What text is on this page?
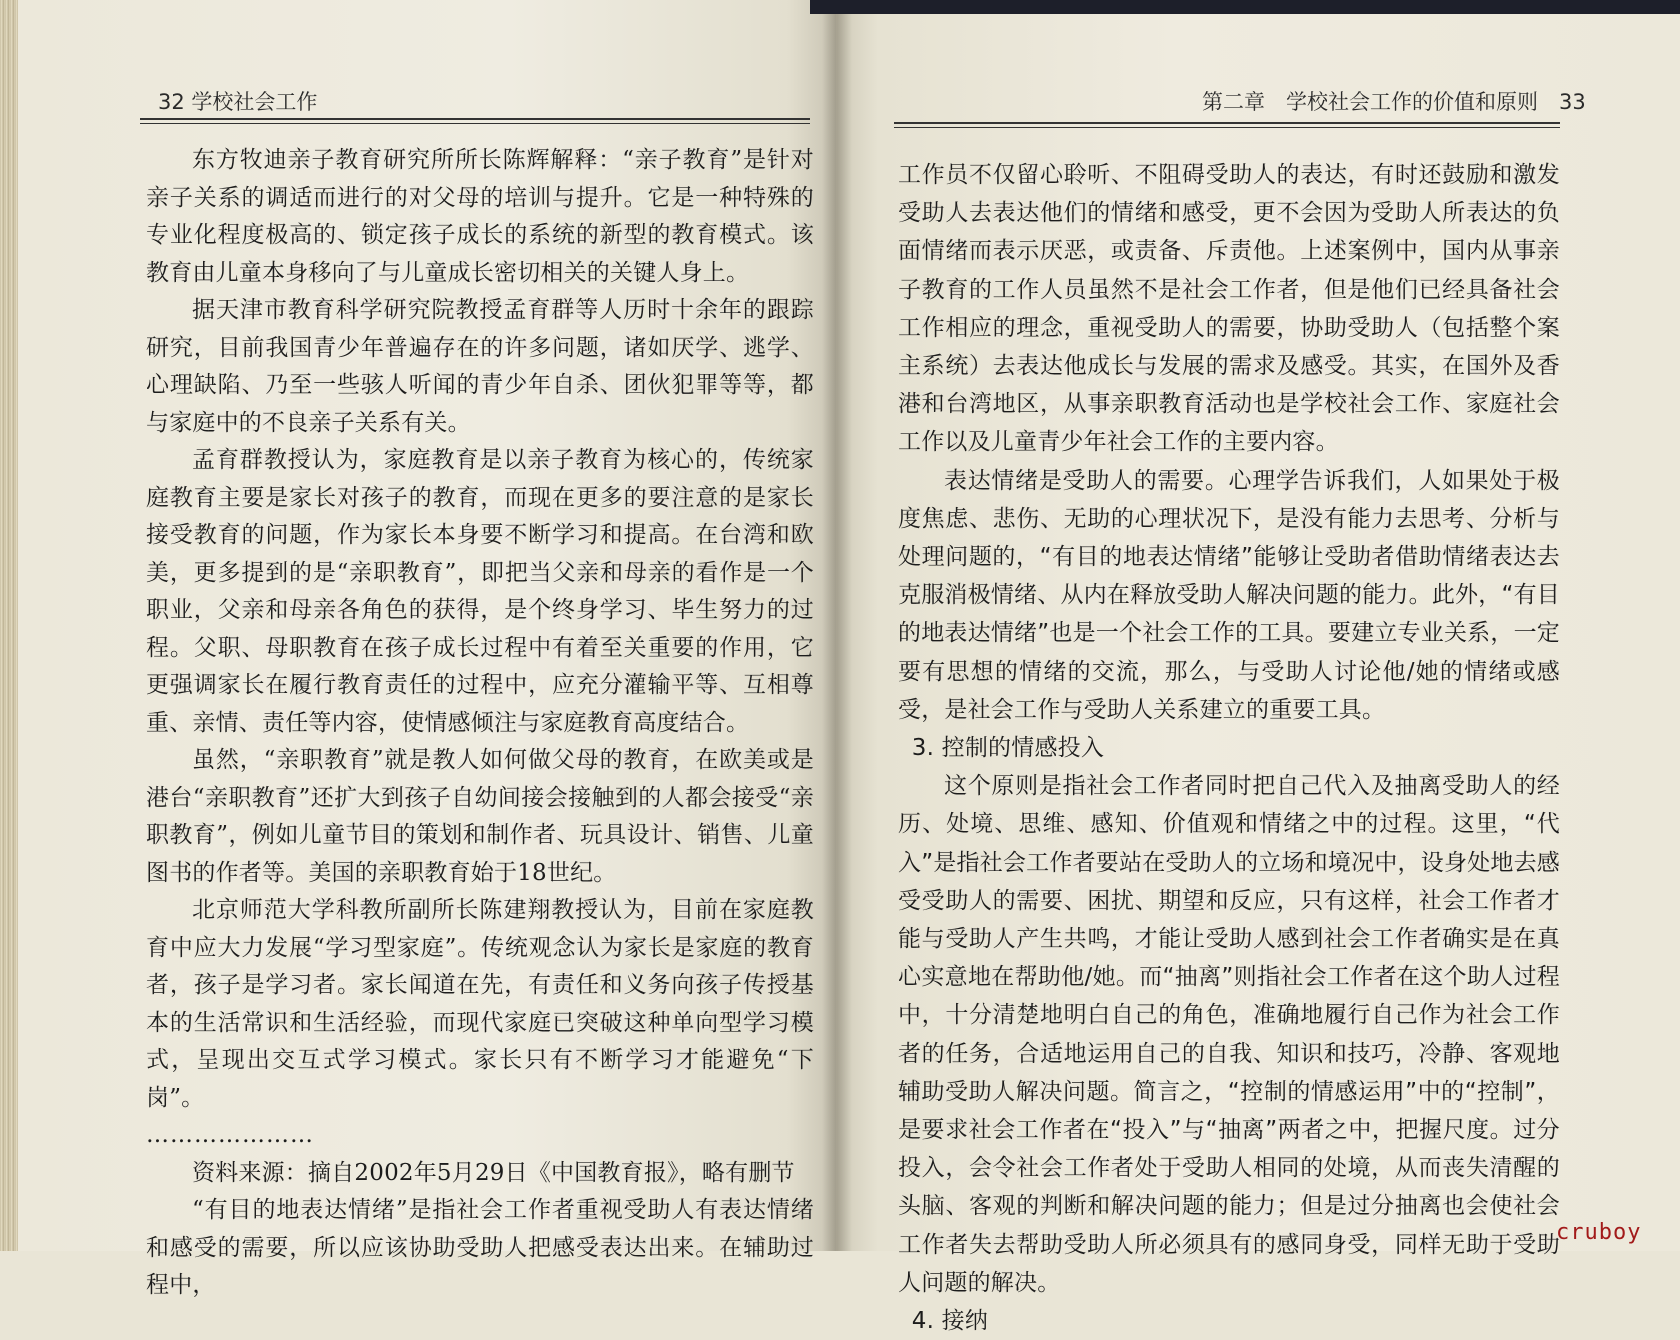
32 学校社会工作	第二章　学校社会工作的价值和原则　33

东方牧迪亲子教育研究所所长陈辉解释：“亲子教育”是针对亲子关系的调适而进行的对父母的培训与提升。它是一种特殊的专业化程度极高的、锁定孩子成长的系统的新型的教育模式。该教育由儿童本身移向了与儿童成长密切相关的关键人身上。

据天津市教育科学研究院教授孟育群等人历时十余年的跟踪研究，目前我国青少年普遍存在的许多问题，诸如厌学、逃学、心理缺陷、乃至一些骇人听闻的青少年自杀、团伙犯罪等等，都与家庭中的不良亲子关系有关。

孟育群教授认为，家庭教育是以亲子教育为核心的，传统家庭教育主要是家长对孩子的教育，而现在更多的要注意的是家长接受教育的问题，作为家长本身要不断学习和提高。在台湾和欧美，更多提到的是“亲职教育”，即把当父亲和母亲的看作是一个职业，父亲和母亲各角色的获得，是个终身学习、毕生努力的过程。父职、母职教育在孩子成长过程中有着至关重要的作用，它更强调家长在履行教育责任的过程中，应充分灌输平等、互相尊重、亲情、责任等内容，使情感倾注与家庭教育高度结合。

虽然，“亲职教育”就是教人如何做父母的教育，在欧美或是港台“亲职教育”还扩大到孩子自幼间接会接触到的人都会接受“亲职教育”，例如儿童节目的策划和制作者、玩具设计、销售、儿童图书的作者等。美国的亲职教育始于18世纪。

北京师范大学科教所副所长陈建翔教授认为，目前在家庭教育中应大力发展“学习型家庭”。传统观念认为家长是家庭的教育者，孩子是学习者。家长闻道在先，有责任和义务向孩子传授基本的生活常识和生活经验，而现代家庭已突破这种单向型学习模式，呈现出交互式学习模式。家长只有不断学习才能避免“下岗”。

…………………

资料来源：摘自2002年5月29日《中国教育报》，略有删节

“有目的地表达情绪”是指社会工作者重视受助人有表达情绪和感受的需要，所以应该协助受助人把感受表达出来。在辅助过程中，

工作员不仅留心聆听、不阻碍受助人的表达，有时还鼓励和激发受助人去表达他们的情绪和感受，更不会因为受助人所表达的负面情绪而表示厌恶，或责备、斥责他。上述案例中，国内从事亲子教育的工作人员虽然不是社会工作者，但是他们已经具备社会工作相应的理念，重视受助人的需要，协助受助人（包括整个案主系统）去表达他成长与发展的需求及感受。其实，在国外及香港和台湾地区，从事亲职教育活动也是学校社会工作、家庭社会工作以及儿童青少年社会工作的主要内容。

表达情绪是受助人的需要。心理学告诉我们，人如果处于极度焦虑、悲伤、无助的心理状况下，是没有能力去思考、分析与处理问题的，“有目的地表达情绪”能够让受助者借助情绪表达去克服消极情绪、从内在释放受助人解决问题的能力。此外，“有目的地表达情绪”也是一个社会工作的工具。要建立专业关系，一定要有思想的情绪的交流，那么，与受助人讨论他/她的情绪或感受，是社会工作与受助人关系建立的重要工具。

3. 控制的情感投入

这个原则是指社会工作者同时把自己代入及抽离受助人的经历、处境、思维、感知、价值观和情绪之中的过程。这里，“代入”是指社会工作者要站在受助人的立场和境况中，设身处地去感受受助人的需要、困扰、期望和反应，只有这样，社会工作者才能与受助人产生共鸣，才能让受助人感到社会工作者确实是在真心实意地在帮助他/她。而“抽离”则指社会工作者在这个助人过程中，十分清楚地明白自己的角色，准确地履行自己作为社会工作者的任务，合适地运用自己的自我、知识和技巧，冷静、客观地辅助受助人解决问题。简言之，“控制的情感运用”中的“控制”，是要求社会工作者在“投入”与“抽离”两者之中，把握尺度。过分投入，会令社会工作者处于受助人相同的处境，从而丧失清醒的头脑、客观的判断和解决问题的能力；但是过分抽离也会使社会工作者失去帮助受助人所必须具有的感同身受，同样无助于受助人问题的解决。

4. 接纳

cruboy
